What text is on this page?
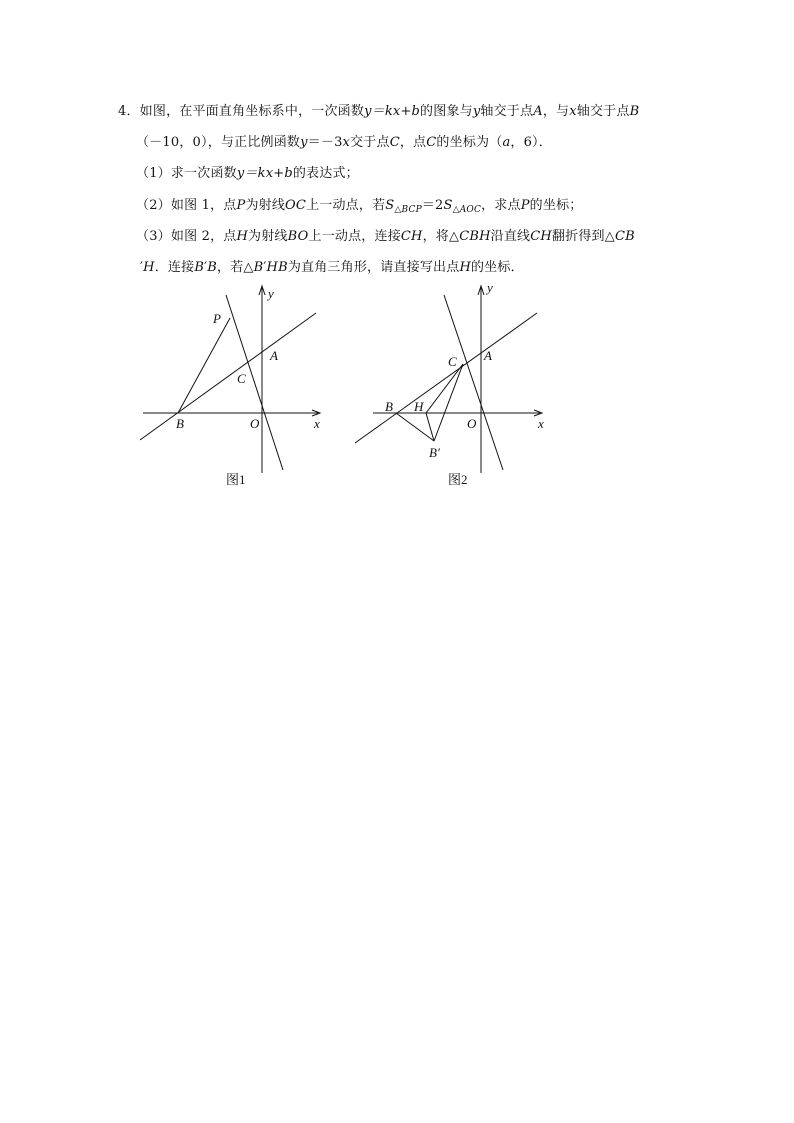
4．如图，在平面直角坐标系中，一次函数y＝kx+b的图象与y轴交于点A，与x轴交于点B
（－10，0），与正比例函数y＝－3x交于点C，点C的坐标为（a，6）．
（1）求一次函数y＝kx+b的表达式；
（2）如图 1，点P为射线OC上一动点，若$S_{\triangle BCP}=2S_{\triangle AOC}$，求点P的坐标；
（3）如图 2，点H为射线BO上一动点，连接CH，将△CBH沿直线CH翻折得到△CB
′H．连接B′B，若△B′HB为直角三角形，请直接写出点H的坐标．
P
A
C
B	O	x
y
图1
C A
B H
O
B′
x
y
图2
